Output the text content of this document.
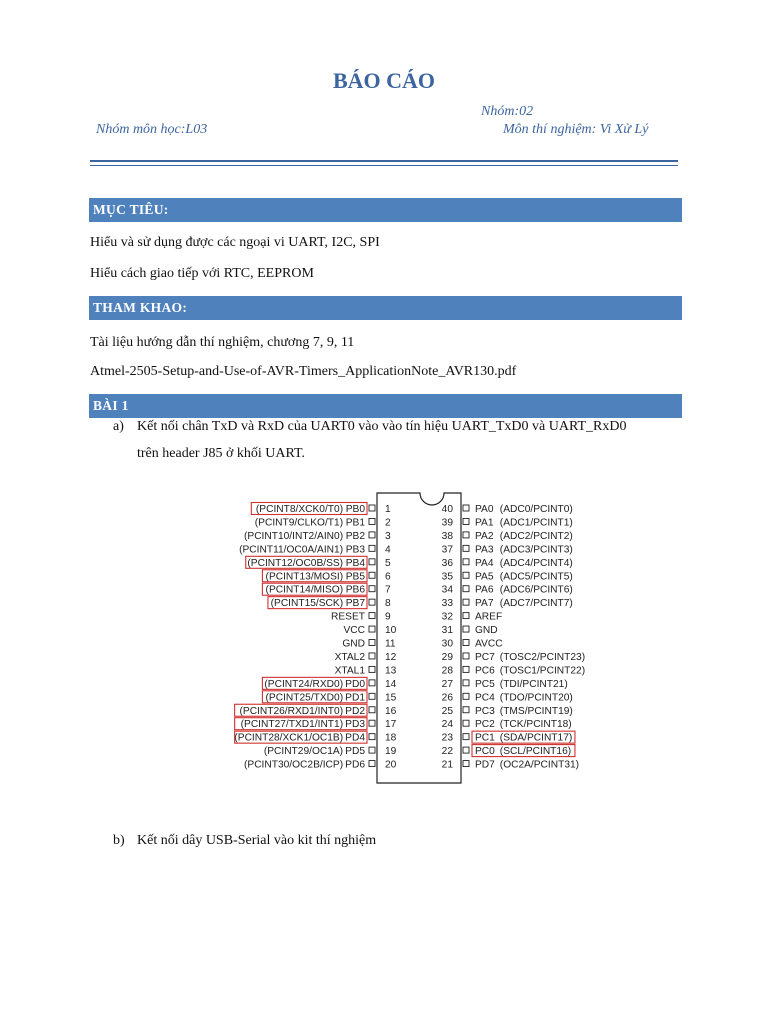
BÁO CÁO
Nhóm:02
Nhóm môn học:L03	Môn thí nghiệm: Vi Xử Lý
MỤC TIÊU:
Hiểu và sử dụng được các ngoại vi UART, I2C, SPI
Hiểu cách giao tiếp với RTC, EEPROM
THAM KHAO:
Tài liệu hướng dẫn thí nghiệm, chương 7, 9, 11
Atmel-2505-Setup-and-Use-of-AVR-Timers_ApplicationNote_AVR130.pdf
BÀI 1
a) Kết nối chân TxD và RxD của UART0 vào vào tín hiệu UART_TxD0 và UART_RxD0
trên header J85 ở khối UART.
1
PB0
(PCINT8/XCK0/T0)
2
PB1
(PCINT9/CLKO/T1)
3
PB2
(PCINT10/INT2/AIN0)
4
PB3
(PCINT11/OC0A/AIN1)
5
PB4
(PCINT12/OC0B/SS)
6
PB5
(PCINT13/MOSI)
7
PB6
(PCINT14/MISO)
8
PB7
(PCINT15/SCK)
9
RESET
10
VCC
11
GND
12
XTAL2
13
XTAL1
14
PD0
(PCINT24/RXD0)
15
PD1
(PCINT25/TXD0)
16
PD2
(PCINT26/RXD1/INT0)
17
PD3
(PCINT27/TXD1/INT1)
18
PD4
(PCINT28/XCK1/OC1B)
19
PD5
(PCINT29/OC1A)
20
PD6
(PCINT30/OC2B/ICP)
40 PA0 (ADC0/PCINT0)
39 PA1 (ADC1/PCINT1)
38 PA2 (ADC2/PCINT2)
37 PA3 (ADC3/PCINT3)
36 PA4 (ADC4/PCINT4)
35 PA5 (ADC5/PCINT5)
34 PA6 (ADC6/PCINT6)
33 PA7 (ADC7/PCINT7)
32 AREF
31 GND
30 AVCC
29 PC7 (TOSC2/PCINT23)
28 PC6 (TOSC1/PCINT22)
27 PC5 (TDI/PCINT21)
26 PC4 (TDO/PCINT20)
25 PC3 (TMS/PCINT19)
24 PC2 (TCK/PCINT18)
23 PC1 (SDA/PCINT17)
22 PC0 (SCL/PCINT16)
21 PD7 (OC2A/PCINT31)
b) Kết nối dây USB-Serial vào kit thí nghiệm
